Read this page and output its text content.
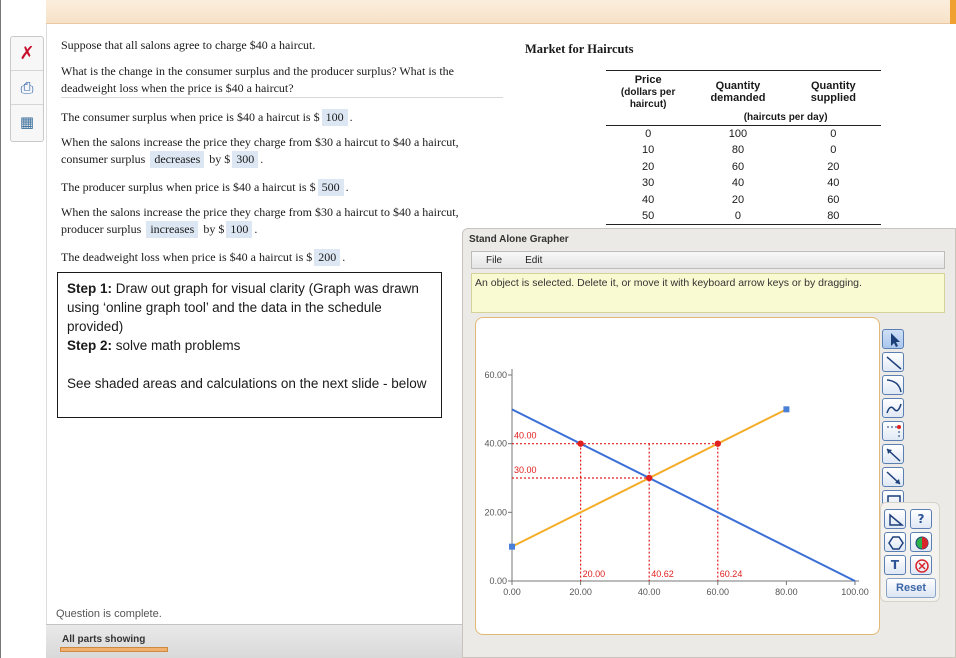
✗
⎙
▦
Suppose that all salons agree to charge $40 a haircut.
What is the change in the consumer surplus and the producer surplus? What is the
deadweight loss when the price is $40 a haircut?
The consumer surplus when price is $40 a haircut is $ 100 .
When the salons increase the price they charge from $30 a haircut to $40 a haircut,
consumer surplus decreases by $ 300 .
The producer surplus when price is $40 a haircut is $ 500 .
When the salons increase the price they charge from $30 a haircut to $40 a haircut,
producer surplus increases by $ 100 .
The deadweight loss when price is $40 a haircut is $ 200 .
Step 1: Draw out graph for visual clarity (Graph was drawn using ‘online graph tool’ and the data in the schedule provided)
Step 2: solve math problems

See shaded areas and calculations on the next slide - below
Question is complete.
All parts showing
Market for Haircuts
Price
(dollars per haircut)	Quantity demanded	Quantity supplied
	(haircuts per day)	
0	100	0
10	80	0
20	60	20
30	40	40
40	20	60
50	0	80
Stand Alone Grapher
File Edit
An object is selected. Delete it, or move it with keyboard arrow keys or by dragging.
0.00	20.00	40.00	60.00	80.00	100.00
0.00
20.00
40.00
60.00
40.00
30.00
20.00	40.62	60.24
?
T
Reset
